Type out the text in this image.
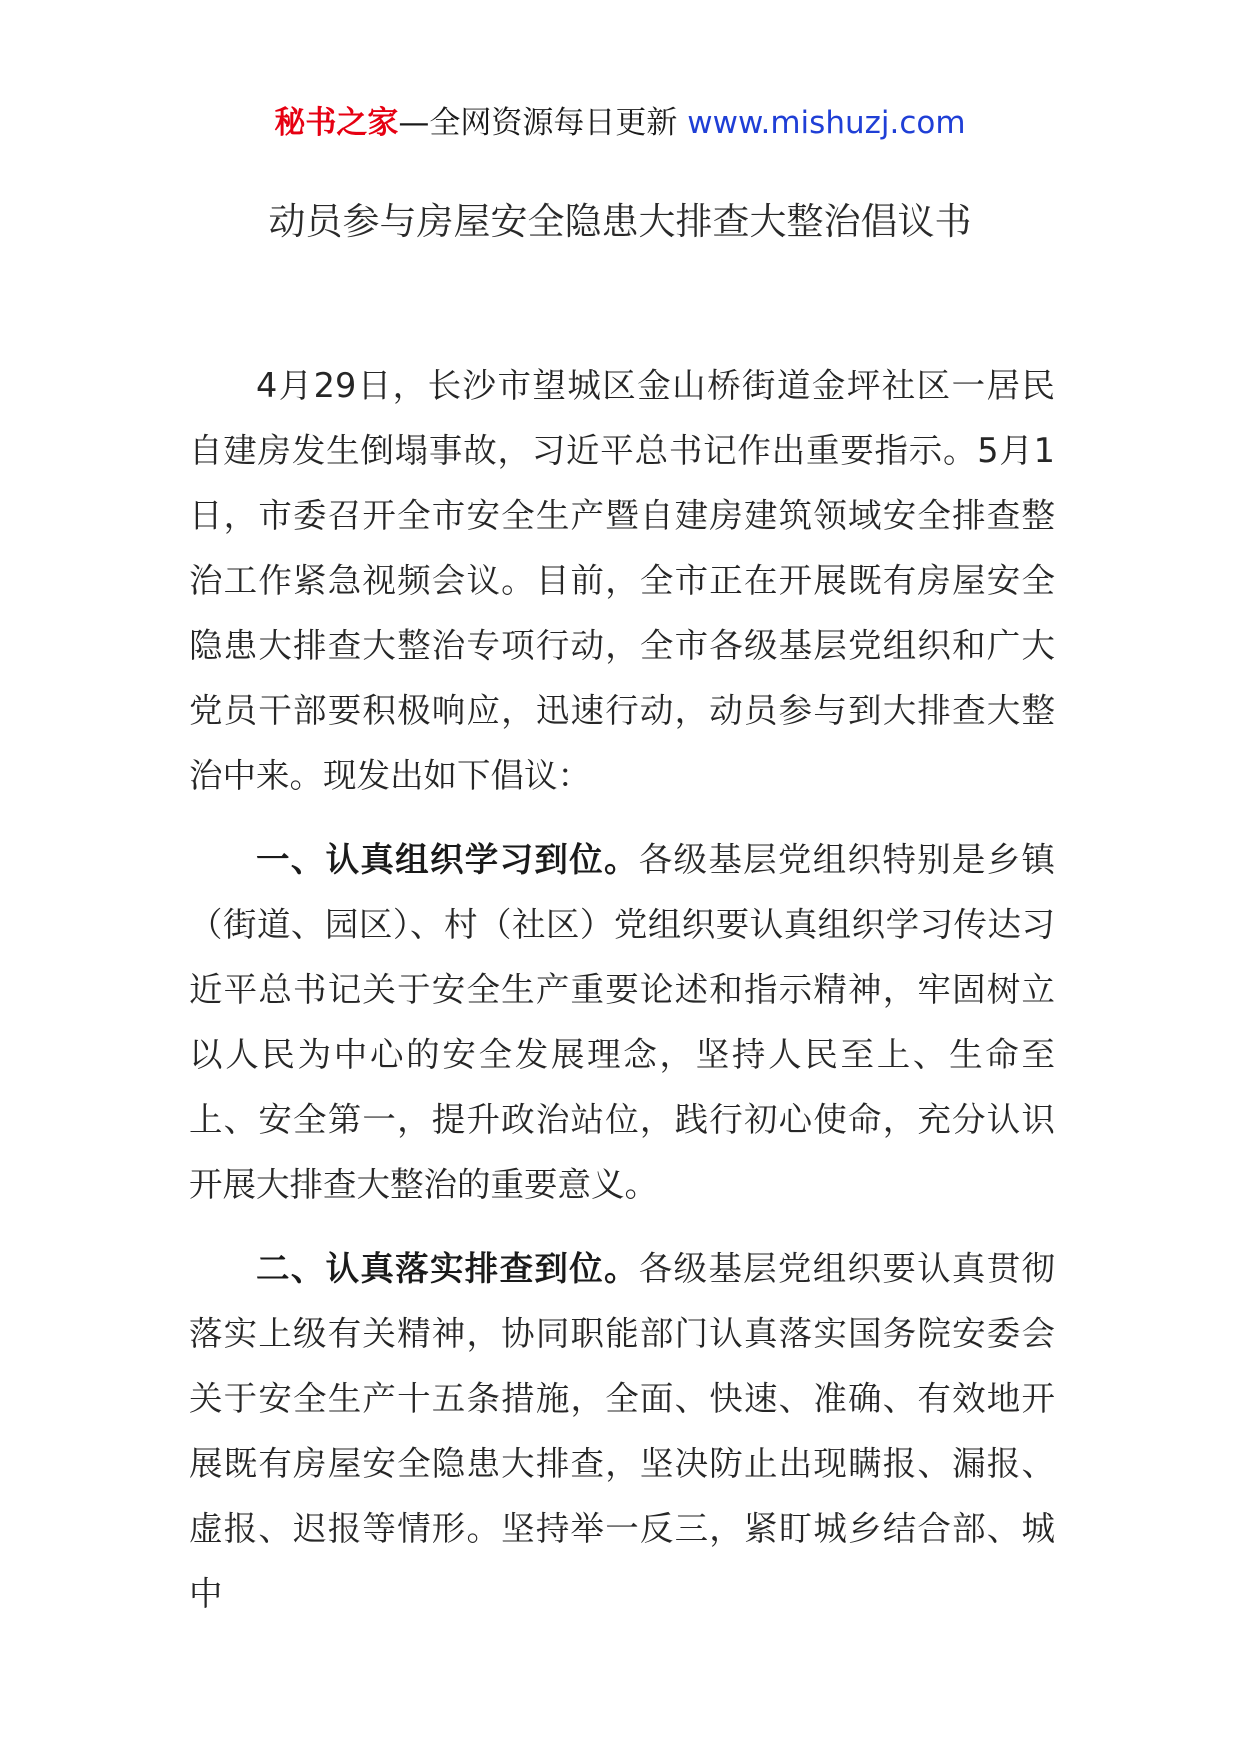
秘书之家—全网资源每日更新 www.mishuzj.com
动员参与房屋安全隐患大排查大整治倡议书

4月29日，长沙市望城区金山桥街道金坪社区一居民自建房发生倒塌事故，习近平总书记作出重要指示。5月1日，市委召开全市安全生产暨自建房建筑领域安全排查整治工作紧急视频会议。目前，全市正在开展既有房屋安全隐患大排查大整治专项行动，全市各级基层党组织和广大党员干部要积极响应，迅速行动，动员参与到大排查大整治中来。现发出如下倡议：

一、认真组织学习到位。各级基层党组织特别是乡镇（街道、园区）、村（社区）党组织要认真组织学习传达习近平总书记关于安全生产重要论述和指示精神，牢固树立以人民为中心的安全发展理念，坚持人民至上、生命至上、安全第一，提升政治站位，践行初心使命，充分认识开展大排查大整治的重要意义。

二、认真落实排查到位。各级基层党组织要认真贯彻落实上级有关精神，协同职能部门认真落实国务院安委会关于安全生产十五条措施，全面、快速、准确、有效地开展既有房屋安全隐患大排查，坚决防止出现瞒报、漏报、虚报、迟报等情形。坚持举一反三，紧盯城乡结合部、城中
